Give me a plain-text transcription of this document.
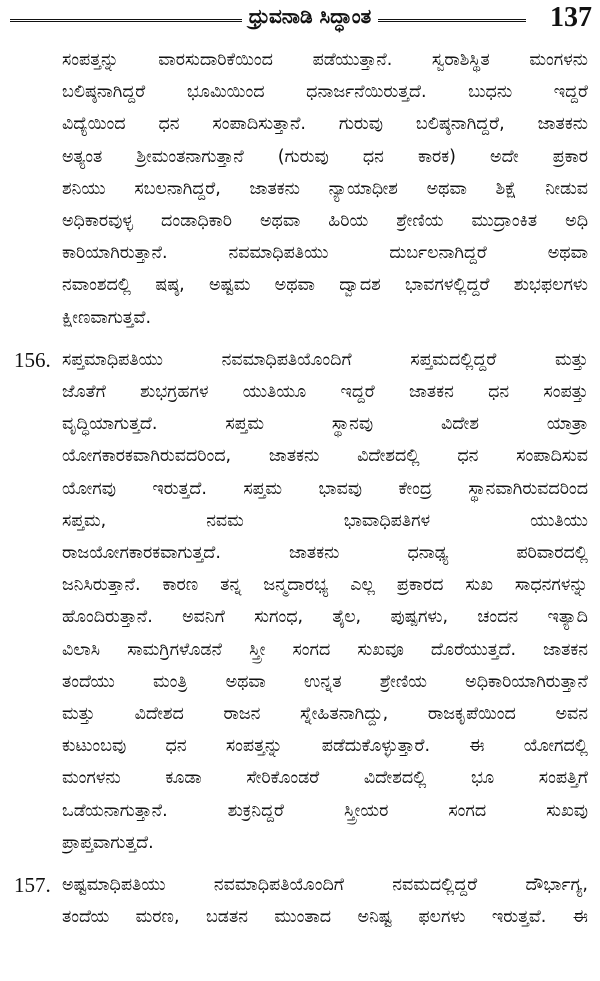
ಧ್ರುವನಾಡಿ ಸಿದ್ಧಾಂತ	137
ಸಂಪತ್ತನ್ನು ವಾರಸುದಾರಿಕೆಯಿಂದ ಪಡೆಯುತ್ತಾನೆ. ಸ್ವರಾಶಿಸ್ಥಿತ ಮಂಗಳನು
ಬಲಿಷ್ಠನಾಗಿದ್ದರೆ ಭೂಮಿಯಿಂದ ಧನಾರ್ಜನೆಯಿರುತ್ತದೆ. ಬುಧನು ಇದ್ದರೆ
ವಿದ್ಯೆಯಿಂದ ಧನ ಸಂಪಾದಿಸುತ್ತಾನೆ. ಗುರುವು ಬಲಿಷ್ಠನಾಗಿದ್ದರೆ, ಜಾತಕನು
ಅತ್ಯಂತ ಶ್ರೀಮಂತನಾಗುತ್ತಾನೆ (ಗುರುವು ಧನ ಕಾರಕ) ಅದೇ ಪ್ರಕಾರ
ಶನಿಯು ಸಬಲನಾಗಿದ್ದರೆ, ಜಾತಕನು ನ್ಯಾಯಾಧೀಶ ಅಥವಾ ಶಿಕ್ಷೆ ನೀಡುವ
ಅಧಿಕಾರವುಳ್ಳ ದಂಡಾಧಿಕಾರಿ ಅಥವಾ ಹಿರಿಯ ಶ್ರೇಣಿಯ ಮುದ್ರಾಂಕಿತ ಅಧಿ
ಕಾರಿಯಾಗಿರುತ್ತಾನೆ. ನವಮಾಧಿಪತಿಯು ದುರ್ಬಲನಾಗಿದ್ದರೆ ಅಥವಾ
ನವಾಂಶದಲ್ಲಿ ಷಷ್ಠ, ಅಷ್ಟಮ ಅಥವಾ ದ್ವಾದಶ ಭಾವಗಳಲ್ಲಿದ್ದರೆ ಶುಭಫಲಗಳು
ಕ್ಷೀಣವಾಗುತ್ತವೆ.
156. ಸಪ್ತಮಾಧಿಪತಿಯು ನವಮಾಧಿಪತಿಯೊಂದಿಗೆ ಸಪ್ತಮದಲ್ಲಿದ್ದರೆ ಮತ್ತು
ಜೊತೆಗೆ ಶುಭಗ್ರಹಗಳ ಯುತಿಯೂ ಇದ್ದರೆ ಜಾತಕನ ಧನ ಸಂಪತ್ತು
ವೃದ್ಧಿಯಾಗುತ್ತದೆ. ಸಪ್ತಮ ಸ್ಥಾನವು ವಿದೇಶ ಯಾತ್ರಾ
ಯೋಗಕಾರಕವಾಗಿರುವದರಿಂದ, ಜಾತಕನು ವಿದೇಶದಲ್ಲಿ ಧನ ಸಂಪಾದಿಸುವ
ಯೋಗವು ಇರುತ್ತದೆ. ಸಪ್ತಮ ಭಾವವು ಕೇಂದ್ರ ಸ್ಥಾನವಾಗಿರುವದರಿಂದ
ಸಪ್ತಮ, ನವಮ ಭಾವಾಧಿಪತಿಗಳ ಯುತಿಯು
ರಾಜಯೋಗಕಾರಕವಾಗುತ್ತದೆ. ಜಾತಕನು ಧನಾಢ್ಯ ಪರಿವಾರದಲ್ಲಿ
ಜನಿಸಿರುತ್ತಾನೆ. ಕಾರಣ ತನ್ನ ಜನ್ಮದಾರಭ್ಯ ಎಲ್ಲ ಪ್ರಕಾರದ ಸುಖ ಸಾಧನಗಳನ್ನು
ಹೊಂದಿರುತ್ತಾನೆ. ಅವನಿಗೆ ಸುಗಂಧ, ತೈಲ, ಪುಷ್ಪಗಳು, ಚಂದನ ಇತ್ಯಾದಿ
ವಿಲಾಸಿ ಸಾಮಗ್ರಿಗಳೊಡನೆ ಸ್ತ್ರೀ ಸಂಗದ ಸುಖವೂ ದೊರೆಯುತ್ತದೆ. ಜಾತಕನ
ತಂದೆಯು ಮಂತ್ರಿ ಅಥವಾ ಉನ್ನತ ಶ್ರೇಣಿಯ ಅಧಿಕಾರಿಯಾಗಿರುತ್ತಾನೆ
ಮತ್ತು ವಿದೇಶದ ರಾಜನ ಸ್ನೇಹಿತನಾಗಿದ್ದು, ರಾಜಕೃಪೆಯಿಂದ ಅವನ
ಕುಟುಂಬವು ಧನ ಸಂಪತ್ತನ್ನು ಪಡೆದುಕೊಳ್ಳುತ್ತಾರೆ. ಈ ಯೋಗದಲ್ಲಿ
ಮಂಗಳನು ಕೂಡಾ ಸೇರಿಕೊಂಡರೆ ವಿದೇಶದಲ್ಲಿ ಭೂ ಸಂಪತ್ತಿಗೆ
ಒಡೆಯನಾಗುತ್ತಾನೆ. ಶುಕ್ರನಿದ್ದರೆ ಸ್ತ್ರೀಯರ ಸಂಗದ ಸುಖವು
ಪ್ರಾಪ್ತವಾಗುತ್ತದೆ.
157. ಅಷ್ಟಮಾಧಿಪತಿಯು ನವಮಾಧಿಪತಿಯೊಂದಿಗೆ ನವಮದಲ್ಲಿದ್ದರೆ ದೌರ್ಭಾಗ್ಯ,
ತಂದೆಯ ಮರಣ, ಬಡತನ ಮುಂತಾದ ಅನಿಷ್ಟ ಫಲಗಳು ಇರುತ್ತವೆ. ಈ
